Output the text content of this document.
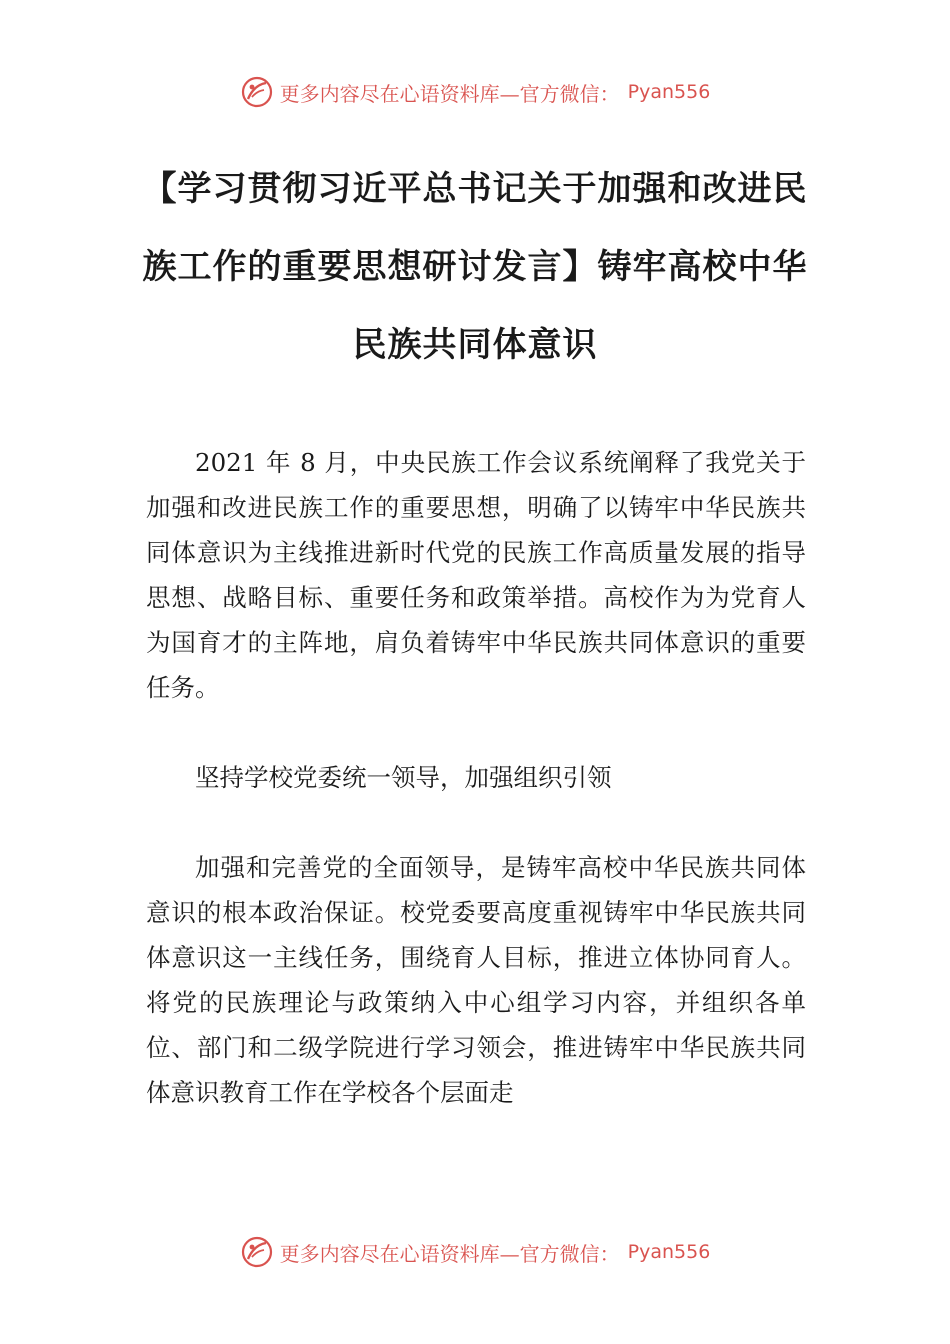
更多内容尽在心语资料库—官方微信： Pyan556
【学习贯彻习近平总书记关于加强和改进民族工作的重要思想研讨发言】铸牢高校中华民族共同体意识

2021 年 8 月，中央民族工作会议系统阐释了我党关于加强和改进民族工作的重要思想，明确了以铸牢中华民族共同体意识为主线推进新时代党的民族工作高质量发展的指导思想、战略目标、重要任务和政策举措。高校作为为党育人为国育才的主阵地，肩负着铸牢中华民族共同体意识的重要任务。

坚持学校党委统一领导，加强组织引领

加强和完善党的全面领导，是铸牢高校中华民族共同体意识的根本政治保证。校党委要高度重视铸牢中华民族共同体意识这一主线任务，围绕育人目标，推进立体协同育人。将党的民族理论与政策纳入中心组学习内容，并组织各单位、部门和二级学院进行学习领会，推进铸牢中华民族共同体意识教育工作在学校各个层面走

更多内容尽在心语资料库—官方微信： Pyan556
